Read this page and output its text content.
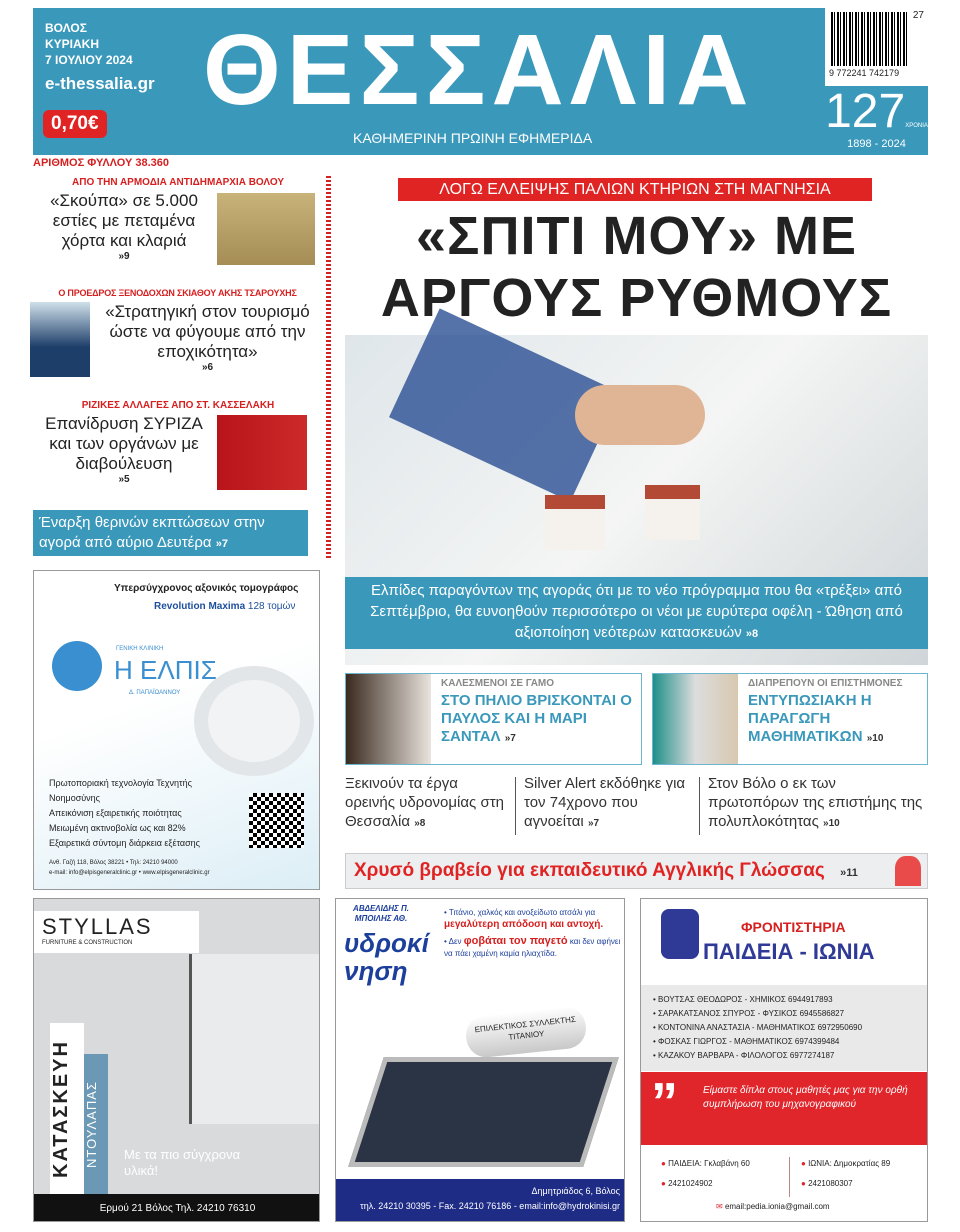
ΒΟΛΟΣ
ΚΥΡΙΑΚΗ
7 ΙΟΥΛΙΟΥ 2024
e-thessalia.gr
0,70€ ΘΕΣΣΑΛΙΑ
ΚΑΘΗΜΕΡΙΝΗ ΠΡΩΙΝΗ ΕΦΗΜΕΡΙΔΑ
27
9 772241 742179
127ΧΡΟΝΙΑ
1898 - 2024
ΑΡΙΘΜΟΣ ΦΥΛΛΟΥ 38.360
ΑΠΟ ΤΗΝ ΑΡΜΟΔΙΑ ΑΝΤΙΔΗΜΑΡΧΙΑ ΒΟΛΟΥ
«Σκούπα» σε 5.000 εστίες με πεταμένα χόρτα και κλαριά
»9
Ο ΠΡΟΕΔΡΟΣ ΞΕΝΟΔΟΧΩΝ ΣΚΙΑΘΟΥ ΑΚΗΣ ΤΣΑΡΟΥΧΗΣ
«Στρατηγική στον τουρισμό ώστε να φύγουμε από την εποχικότητα»
»6
ΡΙΖΙΚΕΣ ΑΛΛΑΓΕΣ ΑΠΟ ΣΤ. ΚΑΣΣΕΛΑΚΗ
Επανίδρυση ΣΥΡΙΖΑ και των οργάνων με διαβούλευση
»5
Έναρξη θερινών εκπτώσεων στην αγορά από αύριο Δευτέρα »7
ΛΟΓΩ ΕΛΛΕΙΨΗΣ ΠΑΛΙΩΝ ΚΤΗΡΙΩΝ ΣΤΗ ΜΑΓΝΗΣΙΑ
«ΣΠΙΤΙ ΜΟΥ» ΜΕ
ΑΡΓΟΥΣ ΡΥΘΜΟΥΣ
Ελπίδες παραγόντων της αγοράς ότι με το νέο πρόγραμμα που θα «τρέξει» από Σεπτέμβριο, θα ευνοηθούν περισσότερο οι νέοι με ευρύτερα οφέλη - Ώθηση από αξιοποίηση νεότερων κατασκευών »8
ΚΑΛΕΣΜΕΝΟΙ ΣΕ ΓΑΜΟ
ΣΤΟ ΠΗΛΙΟ ΒΡΙΣΚΟΝΤΑΙ Ο ΠΑΥΛΟΣ ΚΑΙ Η ΜΑΡΙ ΣΑΝΤΑΛ »7
ΔΙΑΠΡΕΠΟΥΝ ΟΙ ΕΠΙΣΤΗΜΟΝΕΣ
ΕΝΤΥΠΩΣΙΑΚΗ Η ΠΑΡΑΓΩΓΗ ΜΑΘΗΜΑΤΙΚΩΝ »10
Ξεκινούν τα έργα ορεινής υδρονομίας στη Θεσσαλία »8
Silver Alert εκδόθηκε για τον 74χρονο που αγνοείται »7
Στον Βόλο ο εκ των πρωτοπόρων της επιστήμης της πολυπλοκότητας »10
Χρυσό βραβείο για εκπαιδευτικό Αγγλικής Γλώσσας »11
Υπερσύγχρονος αξονικός τομογράφος
Revolution Maxima 128 τομών
ΓΕΝΙΚΗ ΚΛΙΝΙΚΗ
Η ΕΛΠΙΣ
Δ. ΠΑΠΑΪΩΑΝΝΟΥ
Πρωτοποριακή τεχνολογία Τεχνητής Νοημοσύνης
Απεικόνιση εξαιρετικής ποιότητας
Μειωμένη ακτινοβολία ως και 82%
Εξαιρετικά σύντομη διάρκεια εξέτασης
Ανθ. Γαζή 118, Βόλος 38221 • Τηλ: 24210 94000
e-mail: info@elpisgeneralclinic.gr • www.elpisgeneralclinic.gr
STYLLAS
FURNITURE & CONSTRUCTION
ΚΑΤΑΣΚΕΥΗ ΝΤΟΥΛΑΠΑΣ	Με τα πιο σύγχρονα υλικά!
Ερμού 21 Βόλος Τηλ. 24210 76310
ΑΒΔΕΛΙΔΗΣ Π. ΜΠΟΙΛΗΣ ΑΘ.
υδροκίνηση
• Τιτάνιο, χαλκός και ανοξείδωτο ατσάλι για μεγαλύτερη απόδοση και αντοχή.
• Δεν φοβάται τον παγετό και δεν αφήνει να πάει χαμένη καμία ηλιαχτίδα.
ΕΠΙΛΕΚΤΙΚΟΣ ΣΥΛΛΕΚΤΗΣ ΤΙΤΑΝΙΟΥ
Δημητριάδος 6, Βόλος
τηλ. 24210 30395 - Fax. 24210 76186 - email:info@hydrokinisi.gr
ΦΡΟΝΤΙΣΤΗΡΙΑ
ΠΑΙΔΕΙΑ - ΙΩΝΙΑ
• ΒΟΥΤΣΑΣ ΘΕΟΔΩΡΟΣ - ΧΗΜΙΚΟΣ 6944917893
• ΣΑΡΑΚΑΤΣΑΝΟΣ ΣΠΥΡΟΣ - ΦΥΣΙΚΟΣ 6945586827
• ΚΟΝΤΟΝΙΝΑ ΑΝΑΣΤΑΣΙΑ - ΜΑΘΗΜΑΤΙΚΟΣ 6972950690
• ΦΟΣΚΑΣ ΓΙΩΡΓΟΣ - ΜΑΘΗΜΑΤΙΚΟΣ 6974399484
• ΚΑΖΑΚΟΥ ΒΑΡΒΑΡΑ - ΦΙΛΟΛΟΓΟΣ 6977274187
”	Είμαστε δίπλα στους μαθητές μας για την ορθή συμπλήρωση του μηχανογραφικού
● ΠΑΙΔΕΙΑ: Γκλαβάνη 60
● 2421024902
● ΙΩΝΙΑ: Δημοκρατίας 89
● 2421080307
✉ email:pedia.ionia@gmail.com
